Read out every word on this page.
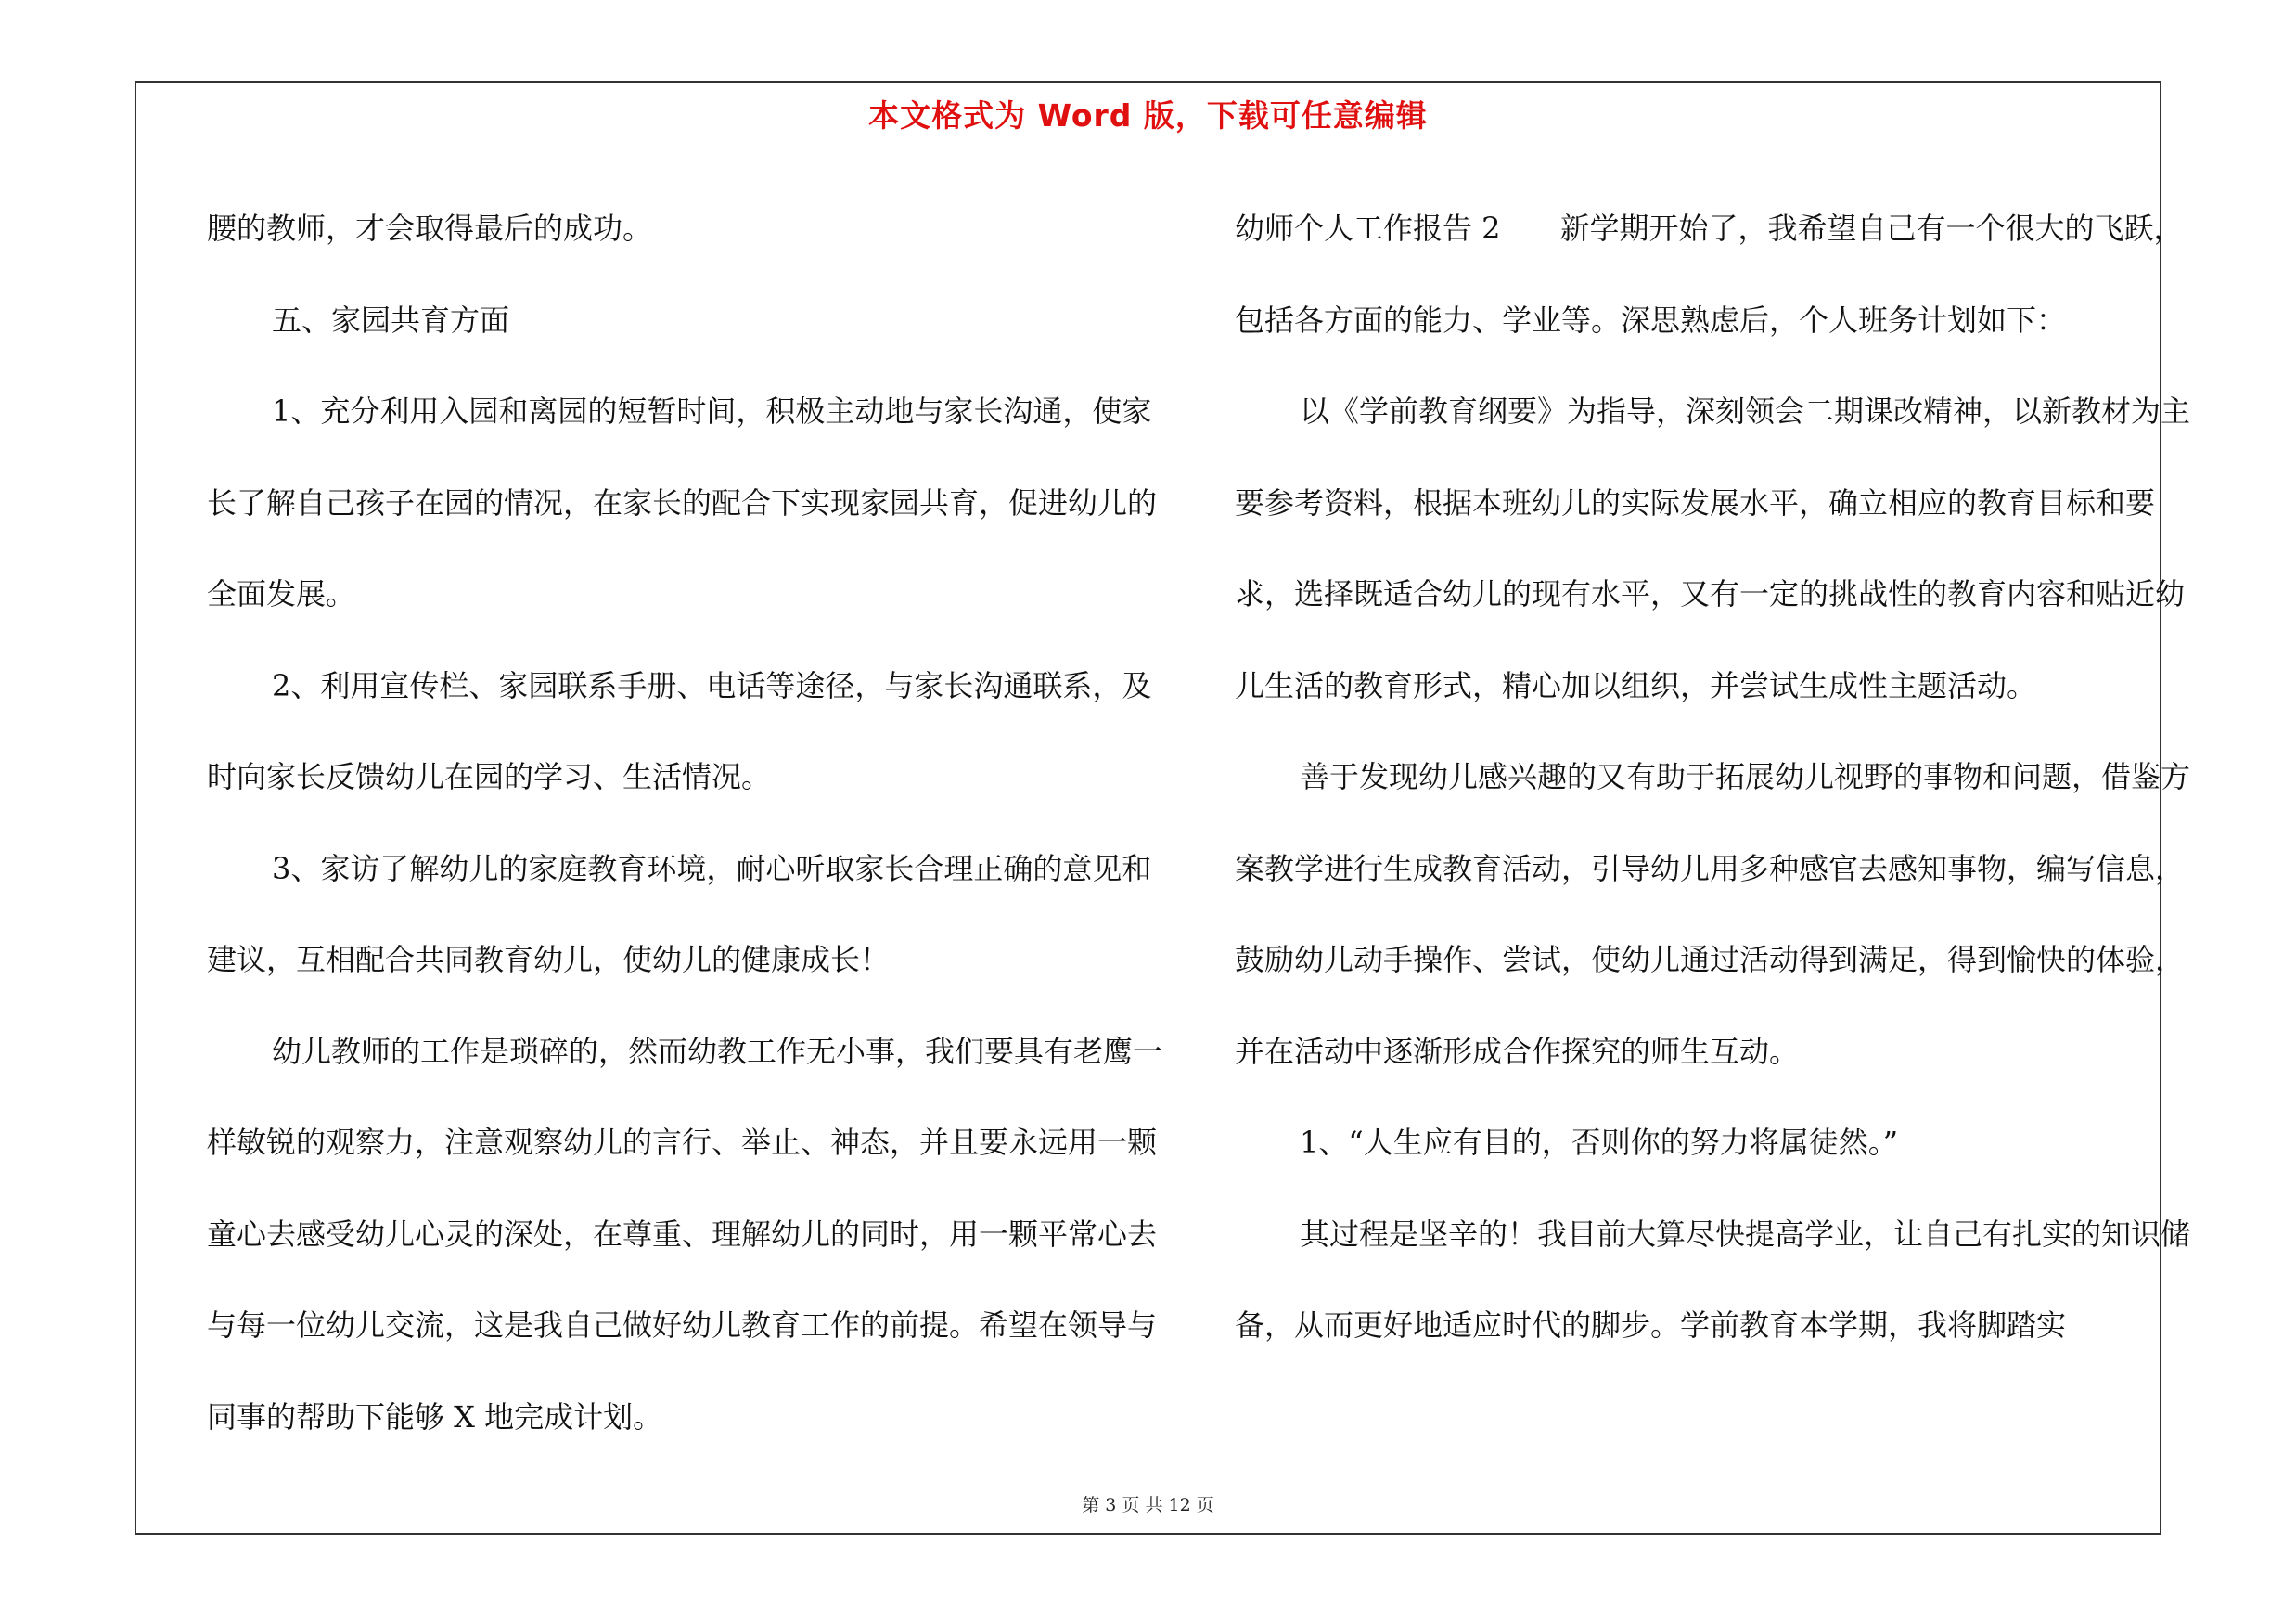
本文格式为 Word 版，下载可任意编辑

腰的教师，才会取得最后的成功。

五、家园共育方面

1、充分利用入园和离园的短暂时间，积极主动地与家长沟通，使家长了解自己孩子在园的情况，在家长的配合下实现家园共育，促进幼儿的全面发展。

2、利用宣传栏、家园联系手册、电话等途径，与家长沟通联系，及时向家长反馈幼儿在园的学习、生活情况。

3、家访了解幼儿的家庭教育环境，耐心听取家长合理正确的意见和建议，互相配合共同教育幼儿，使幼儿的健康成长！

幼儿教师的工作是琐碎的，然而幼教工作无小事，我们要具有老鹰一样敏锐的观察力，注意观察幼儿的言行、举止、神态，并且要永远用一颗童心去感受幼儿心灵的深处，在尊重、理解幼儿的同时，用一颗平常心去与每一位幼儿交流，这是我自己做好幼儿教育工作的前提。希望在领导与同事的帮助下能够 X 地完成计划。

幼师个人工作报告 2　　新学期开始了，我希望自己有一个很大的飞跃，包括各方面的能力、学业等。深思熟虑后，个人班务计划如下：

以《学前教育纲要》为指导，深刻领会二期课改精神，以新教材为主要参考资料，根据本班幼儿的实际发展水平，确立相应的教育目标和要求，选择既适合幼儿的现有水平，又有一定的挑战性的教育内容和贴近幼儿生活的教育形式，精心加以组织，并尝试生成性主题活动。

善于发现幼儿感兴趣的又有助于拓展幼儿视野的事物和问题，借鉴方案教学进行生成教育活动，引导幼儿用多种感官去感知事物，编写信息，鼓励幼儿动手操作、尝试，使幼儿通过活动得到满足，得到愉快的体验，并在活动中逐渐形成合作探究的师生互动。

1、“人生应有目的，否则你的努力将属徒然。”

其过程是坚辛的！我目前大算尽快提高学业，让自己有扎实的知识储备，从而更好地适应时代的脚步。学前教育本学期，我将脚踏实

第 3 页 共 12 页
